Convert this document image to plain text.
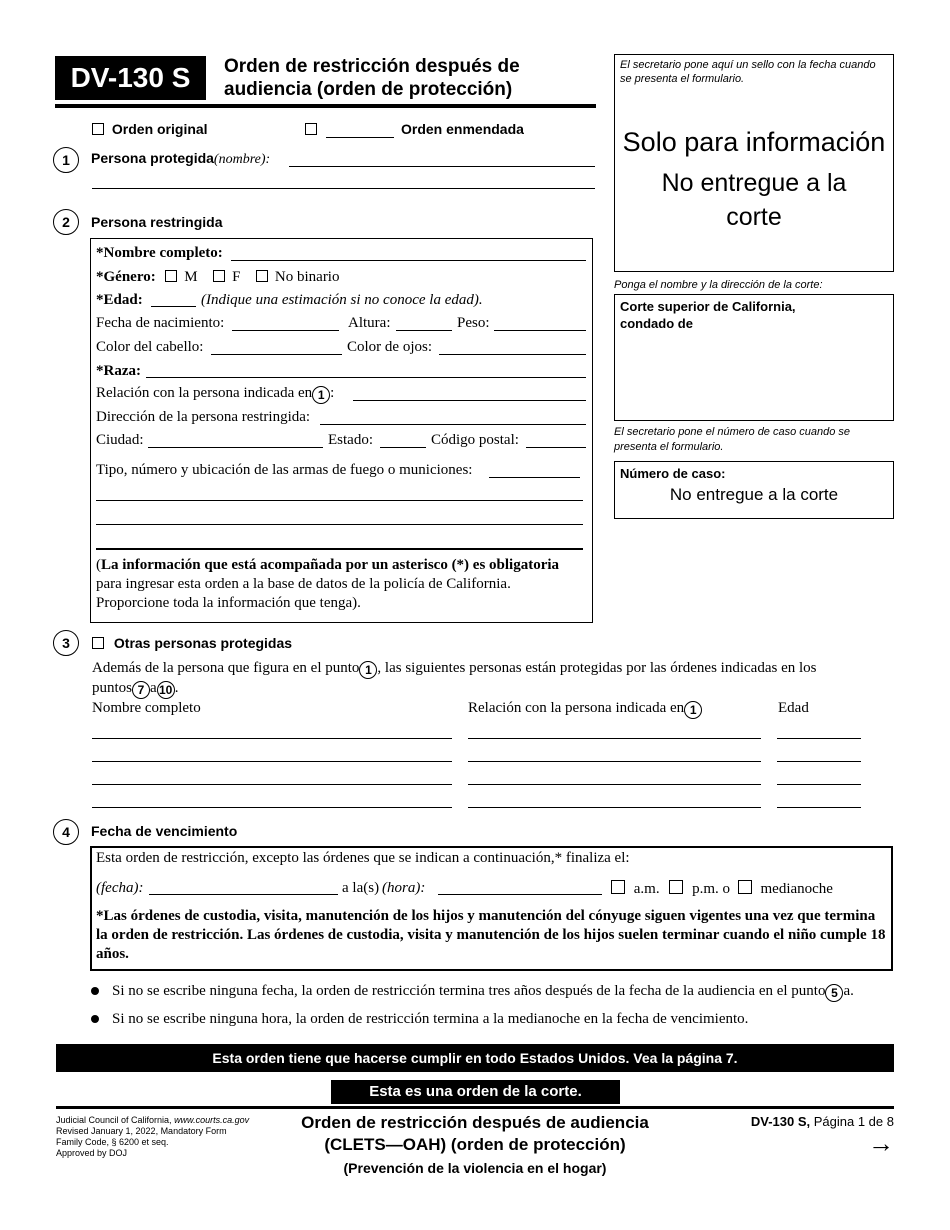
DV-130 S	Orden de restricción después de
audiencia (orden de protección)
El secretario pone aquí un sello con la fecha cuando se presenta el formulario.
Solo para información
No entregue a la
corte
Ponga el nombre y la dirección de la corte:
Corte superior de California,
condado de
El secretario pone el número de caso cuando se presenta el formulario.
Número de caso:
No entregue a la corte
Orden original	Orden enmendada
1	Persona protegida(nombre):
2	Persona restringida
*Nombre completo:
*Género: M F No binario
*Edad:	(Indique una estimación si no conoce la edad).
Fecha de nacimiento:	Altura:	Peso:
Color del cabello:	Color de ojos:
*Raza:
Relación con la persona indicada en 1 :
Dirección de la persona restringida:
Ciudad:	Estado:	Código postal:
Tipo, número y ubicación de las armas de fuego o municiones:
(La información que está acompañada por un asterisco (*) es obligatoria
para ingresar esta orden a la base de datos de la policía de California.
Proporcione toda la información que tenga).
3	Otras personas protegidas
Además de la persona que figura en el punto 1 , las siguientes personas están protegidas por las órdenes indicadas en los
puntos 7 a 10 .
Nombre completo	Relación con la persona indicada en 1	Edad
4	Fecha de vencimiento
Esta orden de restricción, excepto las órdenes que se indican a continuación,* finaliza el:
(fecha):	a la(s) (hora):	a.m. p.m. o medianoche
*Las órdenes de custodia, visita, manutención de los hijos y manutención del cónyuge siguen vigentes una vez que termina la orden de restricción. Las órdenes de custodia, visita y manutención de los hijos suelen terminar cuando el niño cumple 18 años.
Si no se escribe ninguna fecha, la orden de restricción termina tres años después de la fecha de la audiencia en el punto 5 a.
Si no se escribe ninguna hora, la orden de restricción termina a la medianoche en la fecha de vencimiento.
Esta orden tiene que hacerse cumplir en todo Estados Unidos. Vea la página 7.
Esta es una orden de la corte.
Judicial Council of California, www.courts.ca.gov
Revised January 1, 2022, Mandatory Form
Family Code, § 6200 et seq.
Approved by DOJ
Orden de restricción después de audiencia
(CLETS—OAH) (orden de protección)
(Prevención de la violencia en el hogar)
DV-130 S, Página 1 de 8
→
